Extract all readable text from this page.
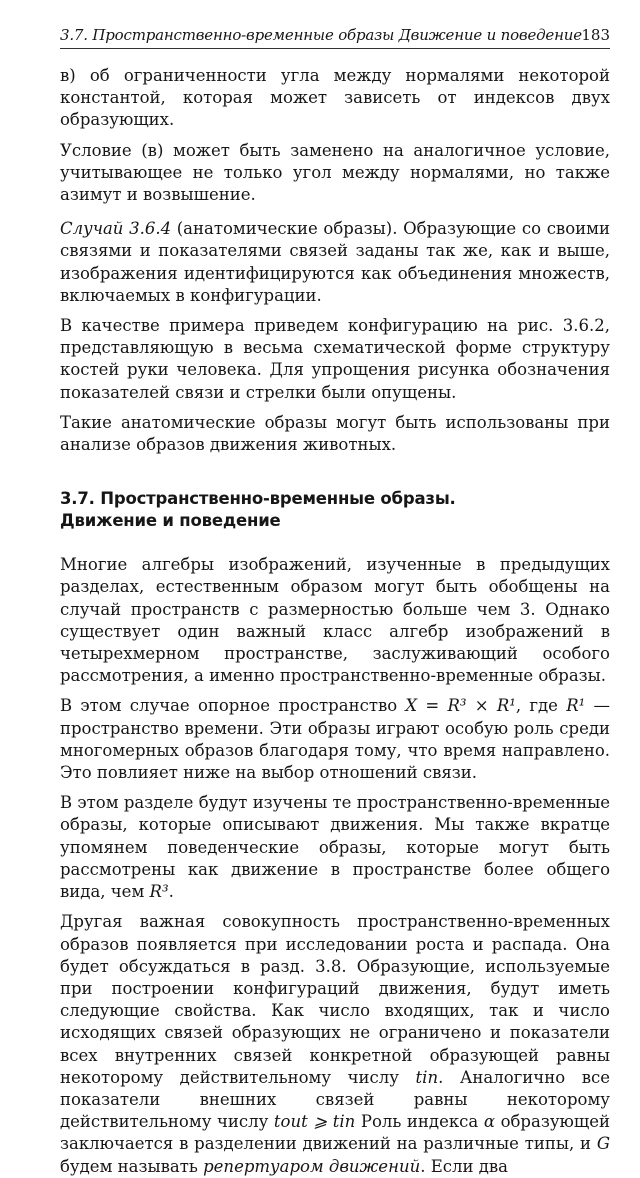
3.7. Пространственно-временные образы Движение и поведение 183

в) об ограниченности угла между нормалями некоторой константой, которая может зависеть от индексов двух образующих.

Условие (в) может быть заменено на аналогичное условие, учитывающее не только угол между нормалями, но также азимут и возвышение.

Случай 3.6.4 (анатомические образы). Образующие со своими связями и показателями связей заданы так же, как и выше, изображения идентифицируются как объединения множеств, включаемых в конфигурации.

В качестве примера приведем конфигурацию на рис. 3.6.2, представляющую в весьма схематической форме структуру костей руки человека. Для упрощения рисунка обозначения показателей связи и стрелки были опущены.

Такие анатомические образы могут быть использованы при анализе образов движения животных.

3.7. Пространственно-временные образы.
Движение и поведение

Многие алгебры изображений, изученные в предыдущих разделах, естественным образом могут быть обобщены на случай пространств с размерностью больше чем 3. Однако существует один важный класс алгебр изображений в четырехмерном пространстве, заслуживающий особого рассмотрения, а именно пространственно-временные образы.

В этом случае опорное пространство X = R³ × R¹, где R¹ — пространство времени. Эти образы играют особую роль среди многомерных образов благодаря тому, что время направлено. Это повлияет ниже на выбор отношений связи.

В этом разделе будут изучены те пространственно-временные образы, которые описывают движения. Мы также вкратце упомянем поведенческие образы, которые могут быть рассмотрены как движение в пространстве более общего вида, чем R³.

Другая важная совокупность пространственно-временных образов появляется при исследовании роста и распада. Она будет обсуждаться в разд. 3.8. Образующие, используемые при построении конфигураций движения, будут иметь следующие свойства. Как число входящих, так и число исходящих связей образующих не ограничено и показатели всех внутренних связей конкретной образующей равны некоторому действительному числу tin. Аналогично все показатели внешних связей равны некоторому действительному числу tout ⩾ tin Роль индекса α образующей заключается в разделении движений на различные типы, и G будем называть репертуаром движений. Если два
